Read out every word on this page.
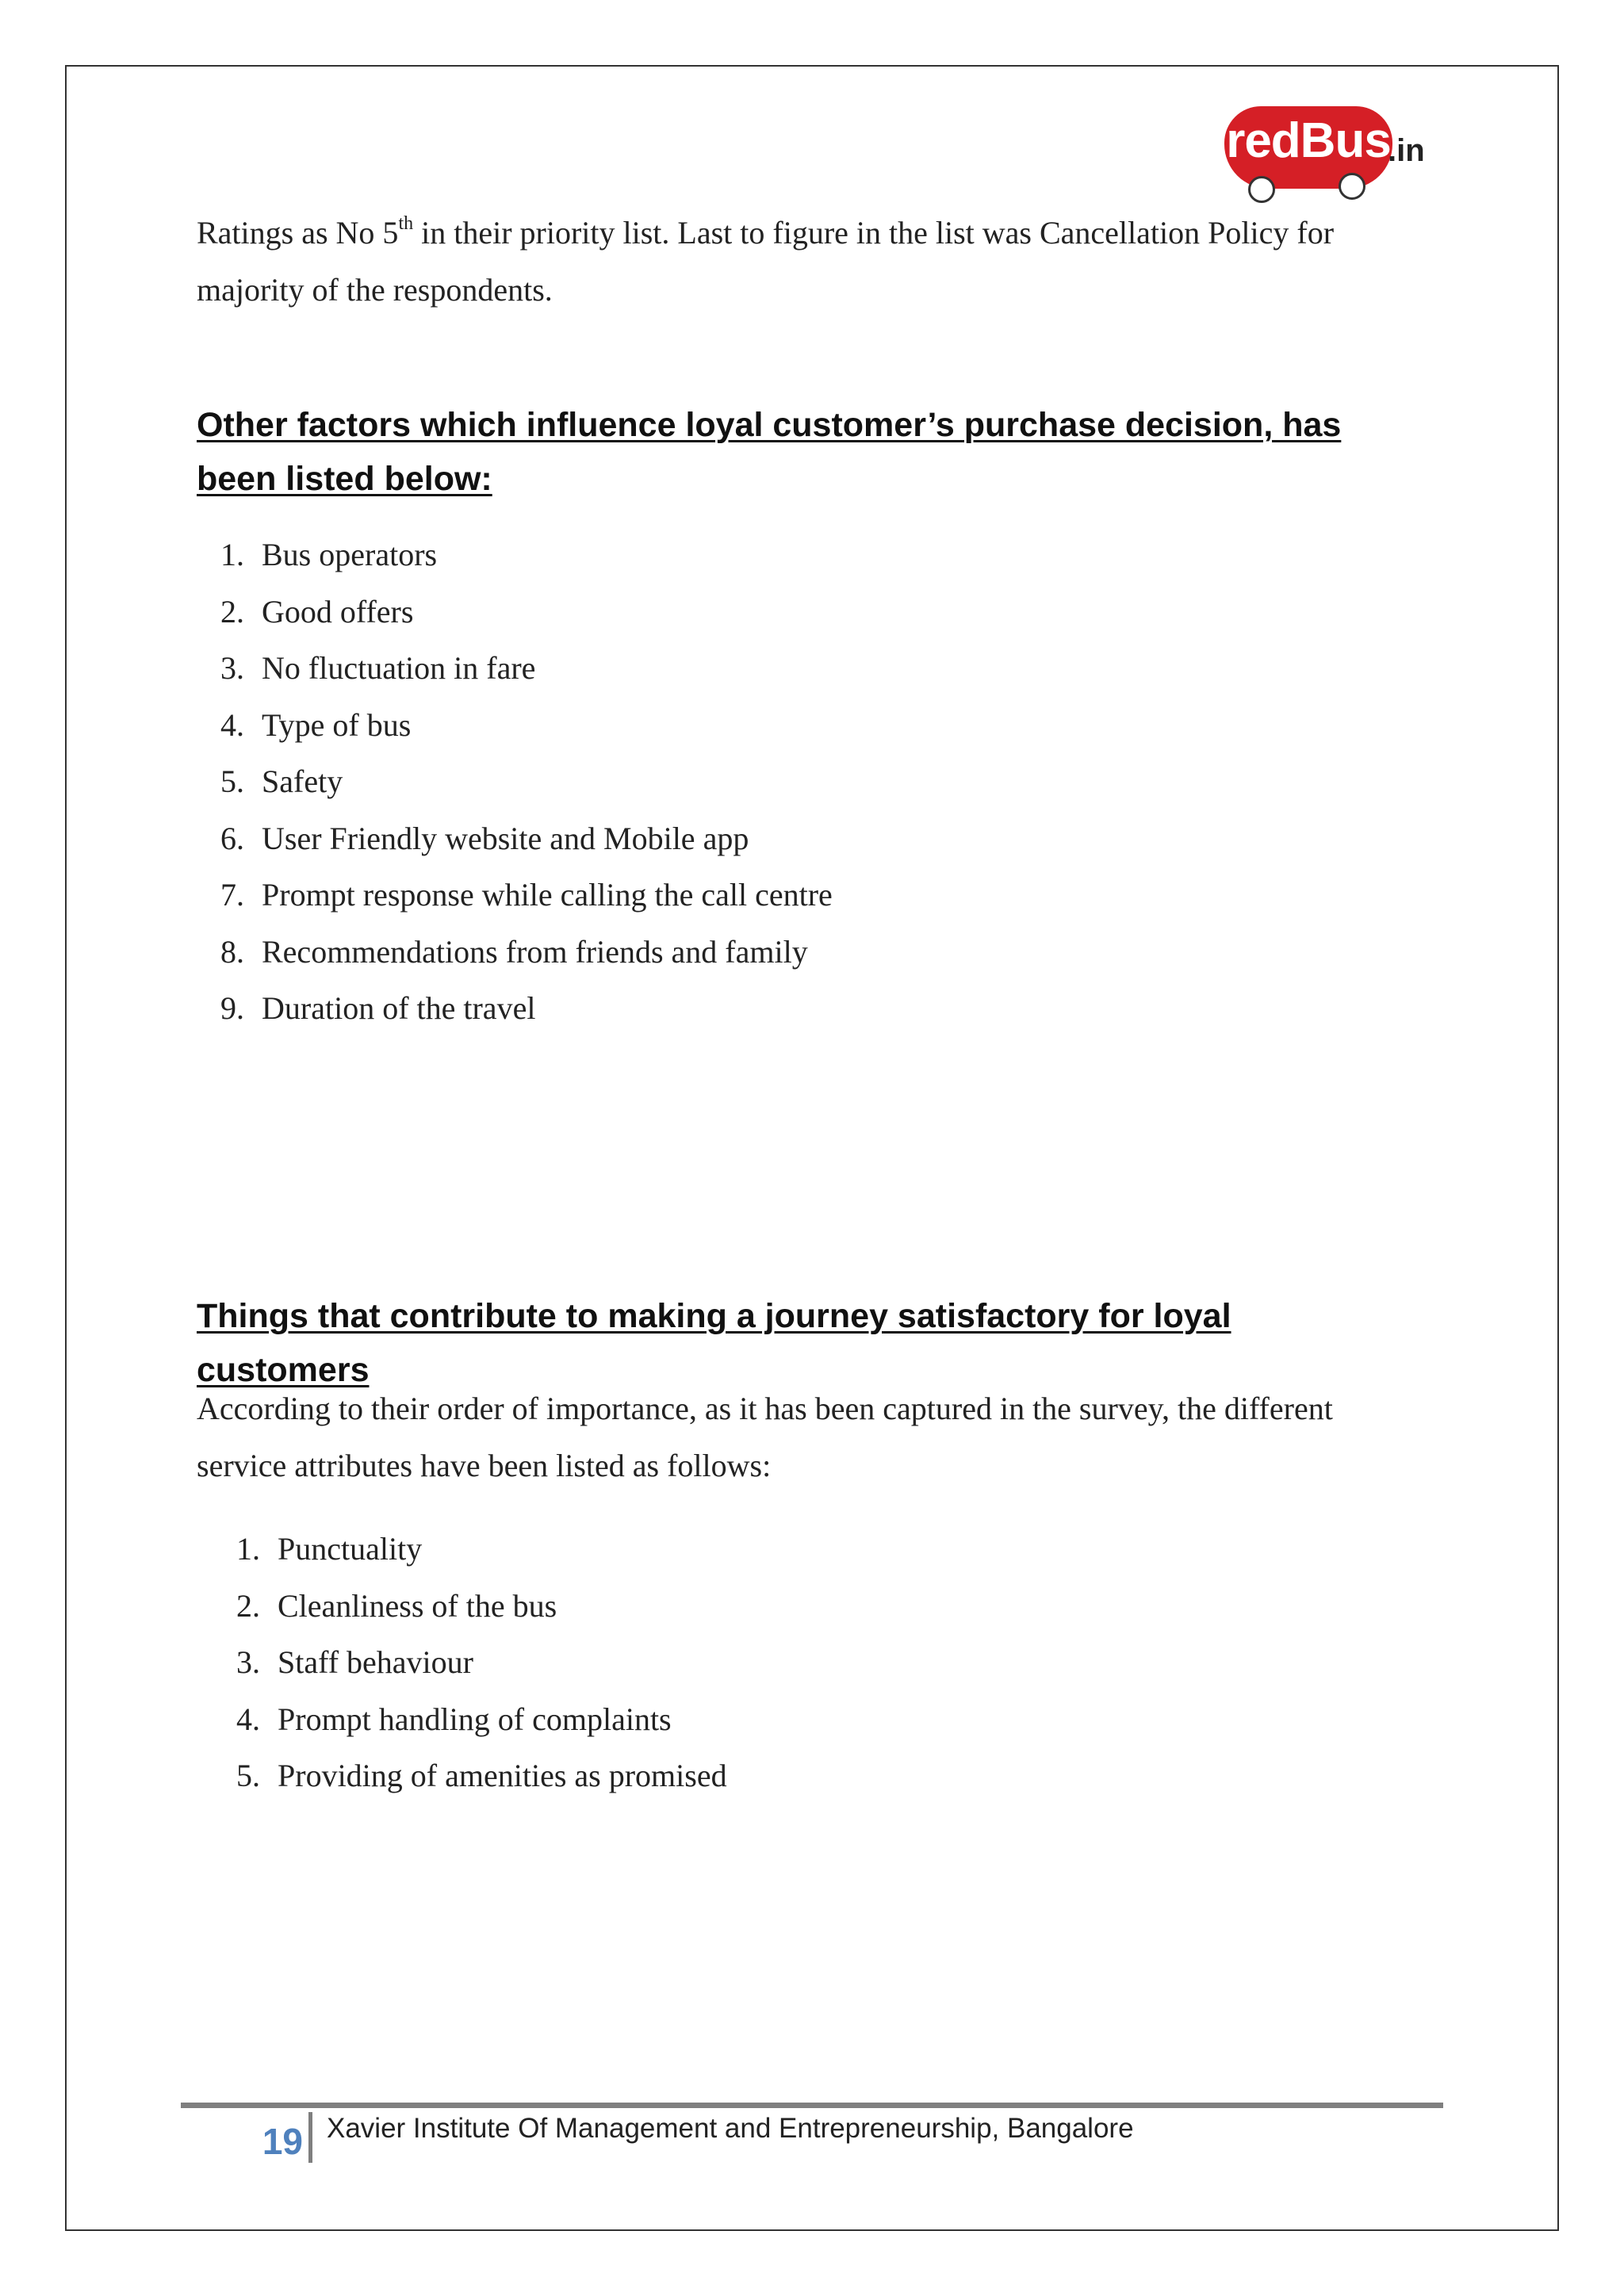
redBus
.in

Ratings as No 5th in their priority list. Last to figure in the list was Cancellation Policy for majority of the respondents.

Other factors which influence loyal customer’s purchase decision, has been listed below:
1. Bus operators
2. Good offers
3. No fluctuation in fare
4. Type of bus
5. Safety
6. User Friendly website and Mobile app
7. Prompt response while calling the call centre
8. Recommendations from friends and family
9. Duration of the travel
Things that contribute to making a journey satisfactory for loyal customers

According to their order of importance, as it has been captured in the survey, the different service attributes have been listed as follows:

1. Punctuality
2. Cleanliness of the bus
3. Staff behaviour
4. Prompt handling of complaints
5. Providing of amenities as promised
19 Xavier Institute Of Management and Entrepreneurship, Bangalore
